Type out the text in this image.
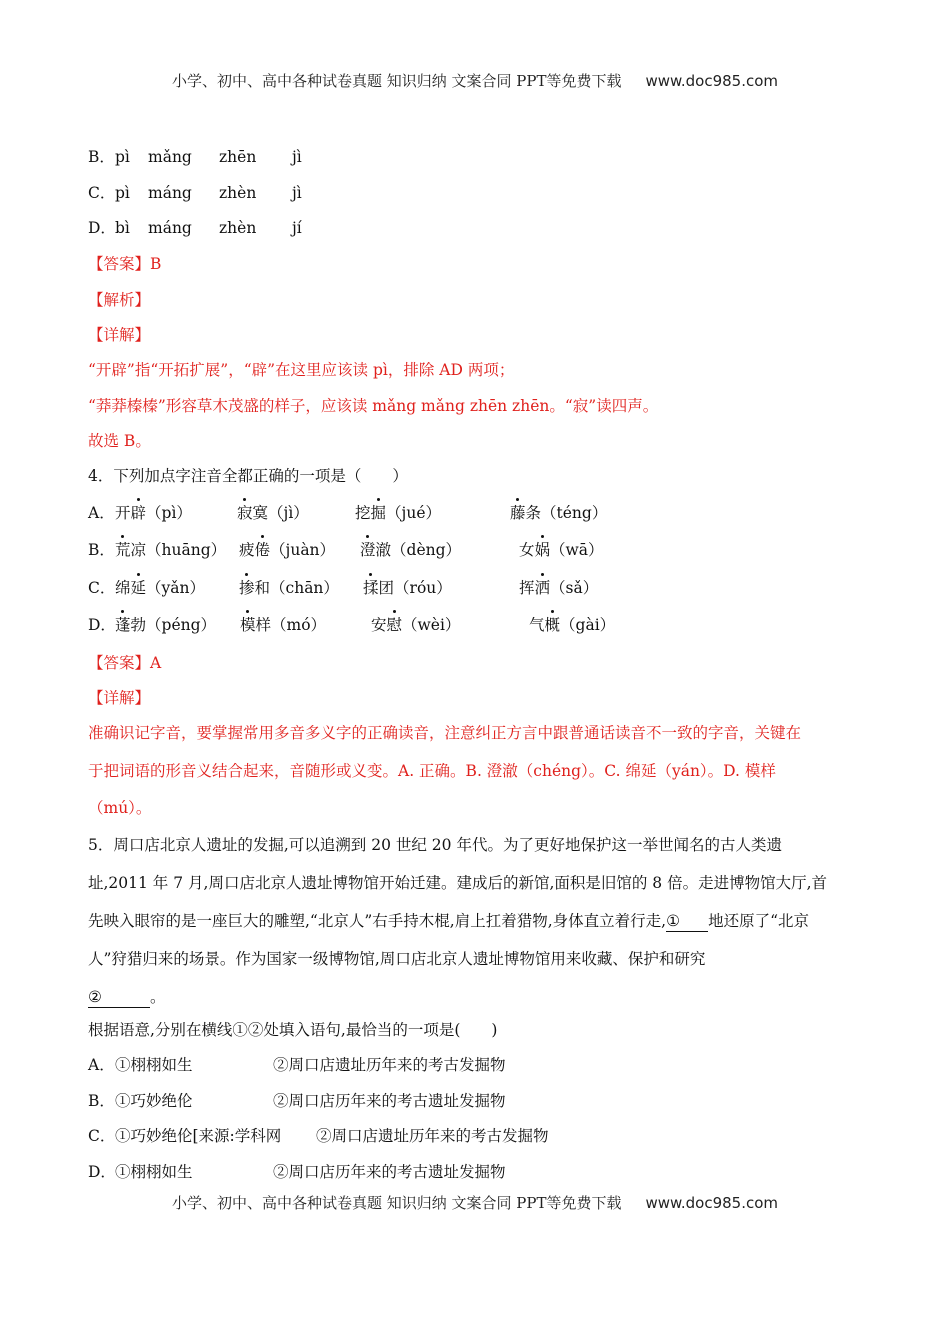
小学、初中、高中各种试卷真题 知识归纳 文案合同 PPT等免费下载 www.doc985.com
B． pì mǎng zhēn jì
C． pì máng zhèn jì
D． bì máng zhèn jí
【答案】B
【解析】
【详解】
“开辟”指“开拓扩展”，“辟”在这里应该读 pì，排除 AD 两项；
“莽莽榛榛”形容草木茂盛的样子，应该读 mǎng mǎng zhēn zhēn。“寂”读四声。
故选 B。
4．下列加点字注音全都正确的一项是（　　）
A． 开辟（pì）	寂寞（jì）	挖掘（jué）	藤条（téng）
B． 荒凉（huāng） 疲倦（juàn） 澄澈（dèng）	女娲（wā）
C． 绵延（yǎn） 掺和（chān） 揉团（róu）	挥洒（sǎ）
D． 蓬勃（péng） 模样（mó）	安慰（wèi）	气概（gài）
【答案】A
【详解】
准确识记字音，要掌握常用多音多义字的正确读音，注意纠正方言中跟普通话读音不一致的字音，关键在
于把词语的形音义结合起来，音随形或义变。A. 正确。B. 澄澈（chéng）。C. 绵延（yán）。D. 模样
（mú）。
5．周口店北京人遗址的发掘,可以追溯到 20 世纪 20 年代。为了更好地保护这一举世闻名的古人类遗
址,2011 年 7 月,周口店北京人遗址博物馆开始迁建。建成后的新馆,面积是旧馆的 8 倍。走进博物馆大厅,首
先映入眼帘的是一座巨大的雕塑,“北京人”右手持木棍,肩上扛着猎物,身体直立着行走,① 地还原了“北京
人”狩猎归来的场景。作为国家一级博物馆,周口店北京人遗址博物馆用来收藏、保护和研究
②	。
根据语意,分别在横线①②处填入语句,最恰当的一项是(　　)
A． ①栩栩如生	②周口店遗址历年来的考古发掘物
B． ①巧妙绝伦	②周口店历年来的考古遗址发掘物
C． ①巧妙绝伦[来源:学科网 ②周口店遗址历年来的考古发掘物
D． ①栩栩如生	②周口店历年来的考古遗址发掘物
小学、初中、高中各种试卷真题 知识归纳 文案合同 PPT等免费下载 www.doc985.com
